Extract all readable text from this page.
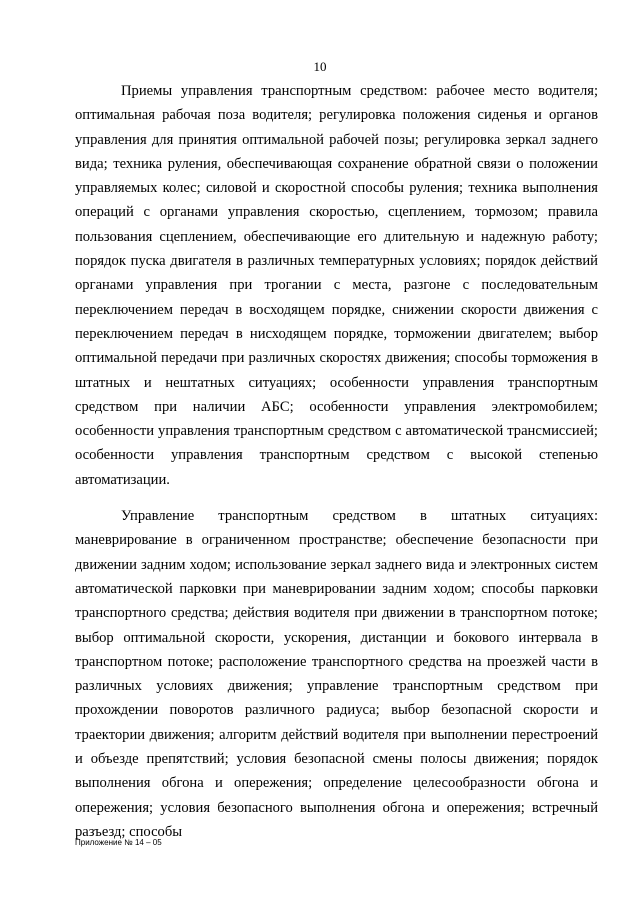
10

Приемы управления транспортным средством: рабочее место водителя; оптимальная рабочая поза водителя; регулировка положения сиденья и органов управления для принятия оптимальной рабочей позы; регулировка зеркал заднего вида; техника руления, обеспечивающая сохранение обратной связи о положении управляемых колес; силовой и скоростной способы руления; техника выполнения операций с органами управления скоростью, сцеплением, тормозом; правила пользования сцеплением, обеспечивающие его длительную и надежную работу; порядок пуска двигателя в различных температурных условиях; порядок действий органами управления при трогании с места, разгоне с последовательным переключением передач в восходящем порядке, снижении скорости движения с переключением передач в нисходящем порядке, торможении двигателем; выбор оптимальной передачи при различных скоростях движения; способы торможения в штатных и нештатных ситуациях; особенности управления транспортным средством при наличии АБС; особенности управления электромобилем; особенности управления транспортным средством с автоматической трансмиссией; особенности управления транспортным средством с высокой степенью автоматизации.

Управление транспортным средством в штатных ситуациях: маневрирование в ограниченном пространстве; обеспечение безопасности при движении задним ходом; использование зеркал заднего вида и электронных систем автоматической парковки при маневрировании задним ходом; способы парковки транспортного средства; действия водителя при движении в транспортном потоке; выбор оптимальной скорости, ускорения, дистанции и бокового интервала в транспортном потоке; расположение транспортного средства на проезжей части в различных условиях движения; управление транспортным средством при прохождении поворотов различного радиуса; выбор безопасной скорости и траектории движения; алгоритм действий водителя при выполнении перестроений и объезде препятствий; условия безопасной смены полосы движения; порядок выполнения обгона и опережения; определение целесообразности обгона и опережения; условия безопасного выполнения обгона и опережения; встречный разъезд; способы

Приложение № 14 – 05
